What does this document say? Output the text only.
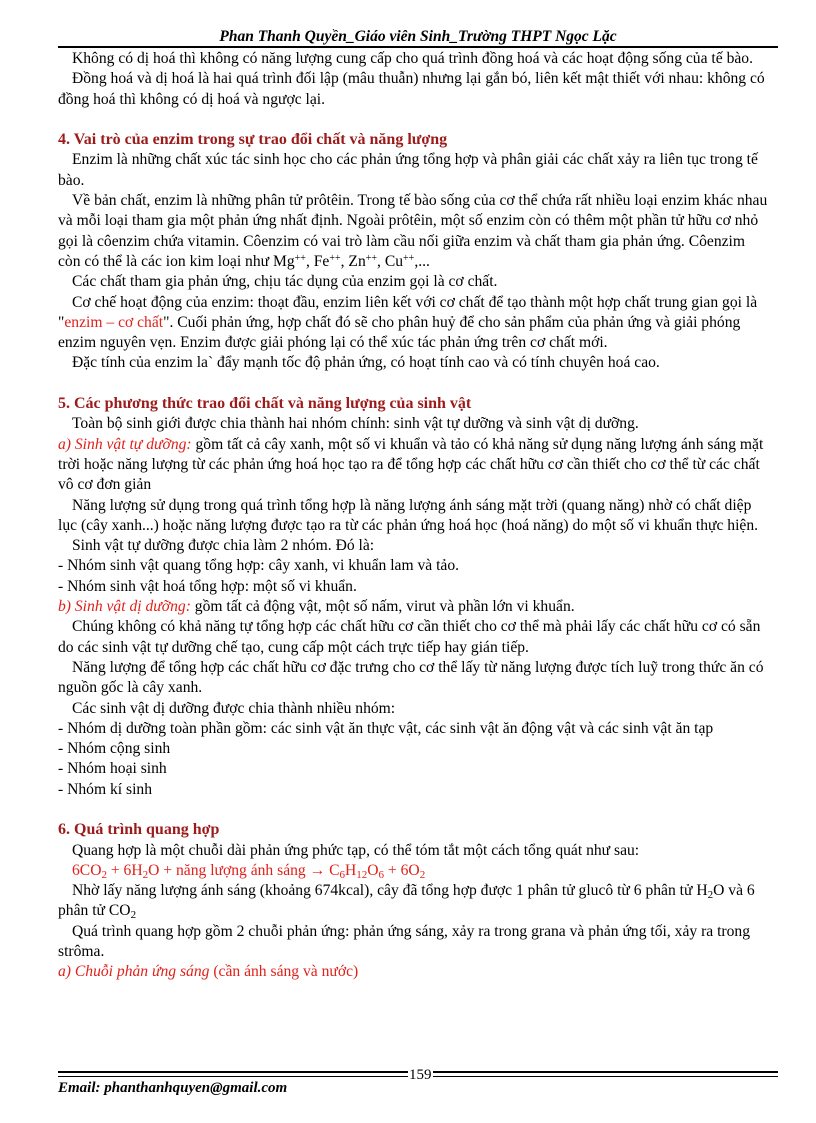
Phan Thanh Quyền_Giáo viên Sinh_Trường THPT Ngọc Lặc

Không có dị hoá thì không có năng lượng cung cấp cho quá trình đồng hoá và các hoạt động sống của tế bào.

Đồng hoá và dị hoá là hai quá trình đối lập (mâu thuẫn) nhưng lại gắn bó, liên kết mật thiết với nhau: không có đồng hoá thì không có dị hoá và ngược lại.

4. Vai trò của enzim trong sự trao đổi chất và năng lượng

Enzim là những chất xúc tác sinh học cho các phản ứng tổng hợp và phân giải các chất xảy ra liên tục trong tế bào.

Về bản chất, enzim là những phân tử prôtêin. Trong tế bào sống của cơ thể chứa rất nhiều loại enzim khác nhau và mỗi loại tham gia một phản ứng nhất định. Ngoài prôtêin, một số enzim còn có thêm một phần tử hữu cơ nhỏ gọi là côenzim chứa vitamin. Côenzim có vai trò làm cầu nối giữa enzim và chất tham gia phản ứng. Côenzim còn có thể là các ion kim loại như Mg++, Fe++, Zn++, Cu++,...

Các chất tham gia phản ứng, chịu tác dụng của enzim gọi là cơ chất.

Cơ chế hoạt động của enzim: thoạt đầu, enzim liên kết với cơ chất để tạo thành một hợp chất trung gian gọi là "enzim – cơ chất". Cuối phản ứng, hợp chất đó sẽ cho phân huỷ để cho sản phẩm của phản ứng và giải phóng enzim nguyên vẹn. Enzim được giải phóng lại có thể xúc tác phản ứng trên cơ chất mới.

Đặc tính của enzim la` đẩy mạnh tốc độ phản ứng, có hoạt tính cao và có tính chuyên hoá cao.

5. Các phương thức trao đổi chất và năng lượng của sinh vật

Toàn bộ sinh giới được chia thành hai nhóm chính: sinh vật tự dưỡng và sinh vật dị dưỡng.

a) Sinh vật tự dưỡng: gồm tất cả cây xanh, một số vi khuẩn và tảo có khả năng sử dụng năng lượng ánh sáng mặt trời hoặc năng lượng từ các phản ứng hoá học tạo ra để tổng hợp các chất hữu cơ cần thiết cho cơ thể từ các chất vô cơ đơn giản

Năng lượng sử dụng trong quá trình tổng hợp là năng lượng ánh sáng mặt trời (quang năng) nhờ có chất diệp lục (cây xanh...) hoặc năng lượng được tạo ra từ các phản ứng hoá học (hoá năng) do một số vi khuẩn thực hiện.

Sinh vật tự dưỡng được chia làm 2 nhóm. Đó là:

- Nhóm sinh vật quang tổng hợp: cây xanh, vi khuẩn lam và tảo.

- Nhóm sinh vật hoá tổng hợp: một số vi khuẩn.

b) Sinh vật dị dưỡng: gồm tất cả động vật, một số nấm, virut và phần lớn vi khuẩn.

Chúng không có khả năng tự tổng hợp các chất hữu cơ cần thiết cho cơ thể mà phải lấy các chất hữu cơ có sẵn do các sinh vật tự dưỡng chế tạo, cung cấp một cách trực tiếp hay gián tiếp.

Năng lượng để tổng hợp các chất hữu cơ đặc trưng cho cơ thể lấy từ năng lượng được tích luỹ trong thức ăn có nguồn gốc là cây xanh.

Các sinh vật dị dưỡng được chia thành nhiều nhóm:

- Nhóm dị dưỡng toàn phần gồm: các sinh vật ăn thực vật, các sinh vật ăn động vật và các sinh vật ăn tạp

- Nhóm cộng sinh

- Nhóm hoại sinh

- Nhóm kí sinh

6. Quá trình quang hợp

Quang hợp là một chuỗi dài phản ứng phức tạp, có thể tóm tắt một cách tổng quát như sau:

$6CO_2 + 6H_2O$ + năng lượng ánh sáng → $C_6H_{12}O_6 + 6O_2$

Nhờ lấy năng lượng ánh sáng (khoảng 674kcal), cây đã tổng hợp được 1 phân tử glucô từ 6 phân tử $H_2O$ và 6 phân tử $CO_2$

Quá trình quang hợp gồm 2 chuỗi phản ứng: phản ứng sáng, xảy ra trong grana và phản ứng tối, xảy ra trong strôma.

a) Chuỗi phản ứng sáng (cần ánh sáng và nước)

159
Email: phanthanhquyen@gmail.com
